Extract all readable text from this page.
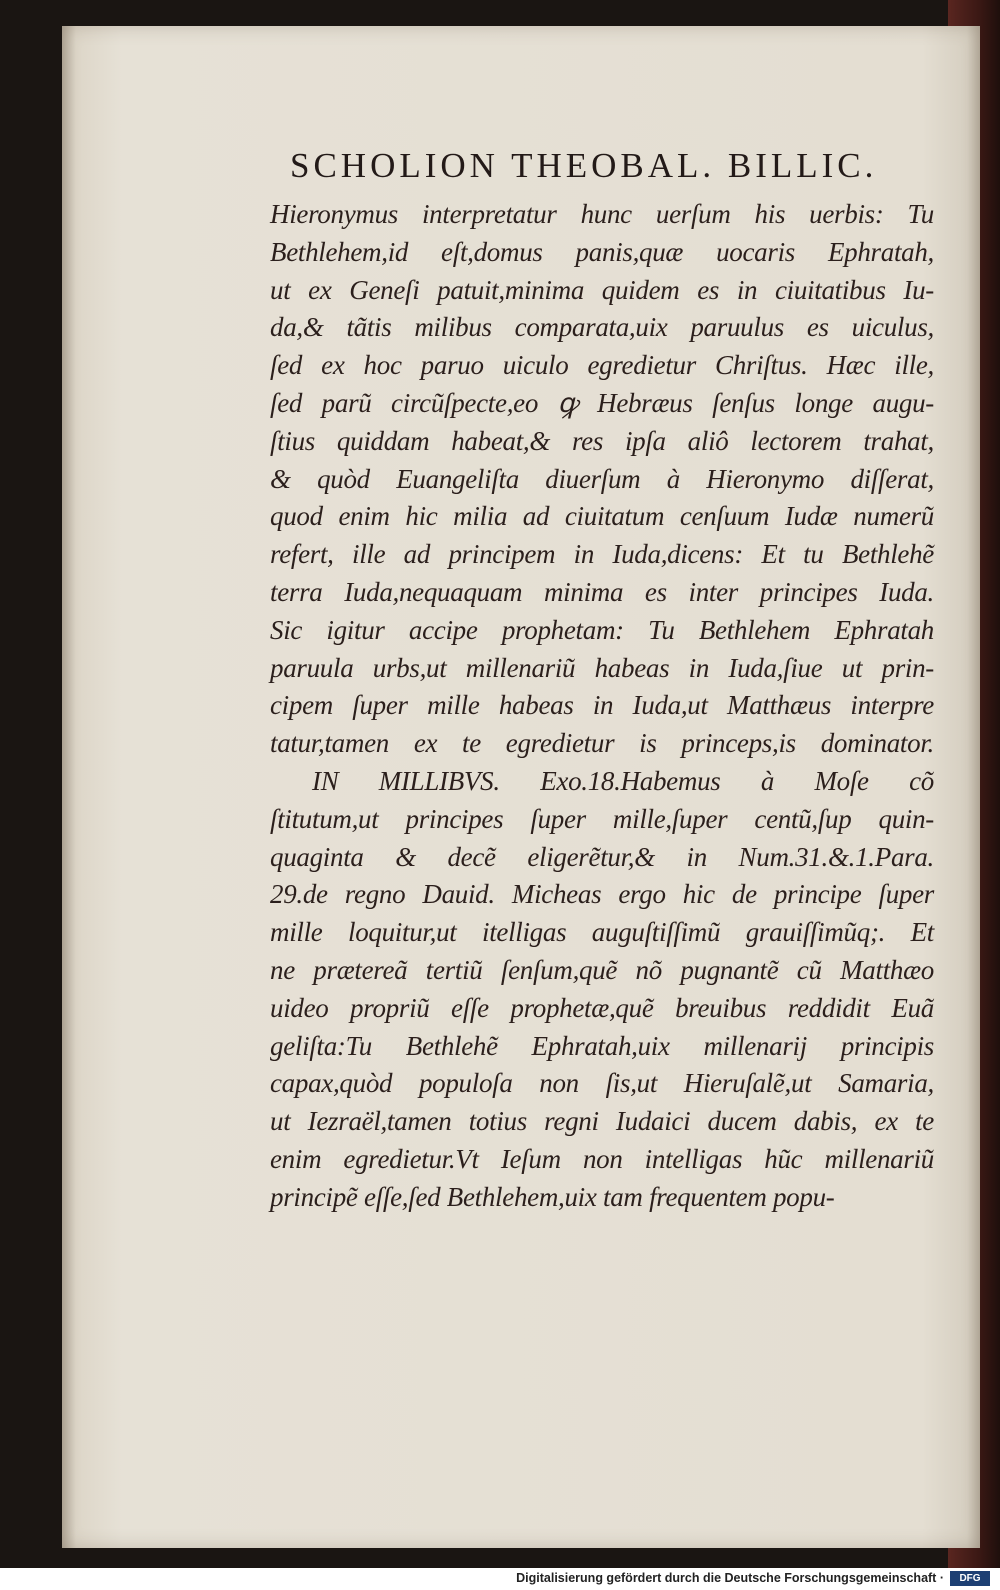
SCHOLION THEOBAL. BILLIC.
Hieronymus interpretatur hunc uerſum his uerbis: Tu
Bethlehem,id eſt,domus panis,quæ uocaris Ephratah,
ut ex Geneſi patuit,minima quidem es in ciuitatibus Iu-
da,& tãtis milibus comparata,uix paruulus es uiculus,
ſed ex hoc paruo uiculo egredietur Chriſtus. Hæc ille,
ſed parũ circũſpecte,eo ꝙ Hebræus ſenſus longe augu-
ſtius quiddam habeat,& res ipſa aliô lectorem trahat,
& quòd Euangeliſta diuerſum à Hieronymo diſſerat,
quod enim hic milia ad ciuitatum cenſuum Iudæ numerũ
refert, ille ad principem in Iuda,dicens: Et tu Bethlehẽ
terra Iuda,nequaquam minima es inter principes Iuda.
Sic igitur accipe prophetam: Tu Bethlehem Ephratah
paruula urbs,ut millenariũ habeas in Iuda,ſiue ut prin-
cipem ſuper mille habeas in Iuda,ut Matthæus interpre
tatur,tamen ex te egredietur is princeps,is dominator.
IN MILLIBVS. Exo.18.Habemus à Moſe cõ
ſtitutum,ut principes ſuper mille,ſuper centũ,ſup quin-
quaginta & decẽ eligerẽtur,& in Num.31.&.1.Para.
29.de regno Dauid. Micheas ergo hic de principe ſuper
mille loquitur,ut itelligas auguſtiſſimũ grauiſſimũq;. Et
ne prætereã tertiũ ſenſum,quẽ nõ pugnantẽ cũ Matthæo
uideo propriũ eſſe prophetæ,quẽ breuibus reddidit Euã
geliſta:Tu Bethlehẽ Ephratah,uix millenarij principis
capax,quòd populoſa non ſis,ut Hieruſalẽ,ut Samaria,
ut Iezraël,tamen totius regni Iudaici ducem dabis, ex te
enim egredietur.Vt Ieſum non intelligas hũc millenariũ
principẽ eſſe,ſed Bethlehem,uix tam frequentem popu-
Digitalisierung gefördert durch die Deutsche Forschungsgemeinschaft ·	DFG
